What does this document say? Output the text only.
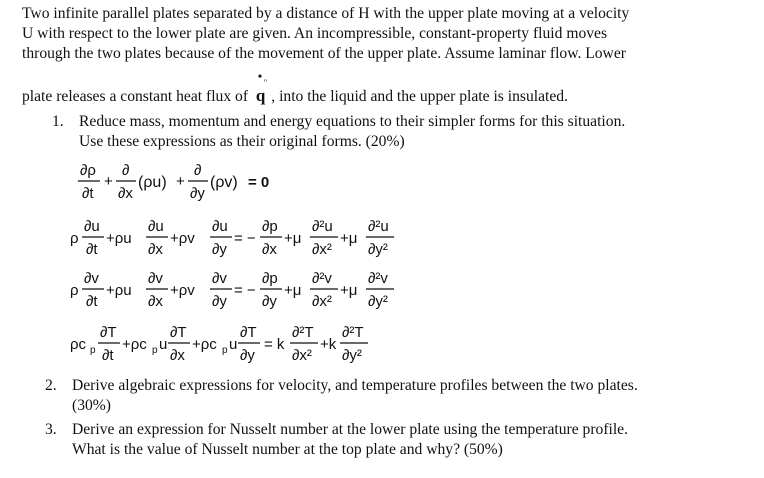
Two infinite parallel plates separated by a distance of H with the upper plate moving at a velocity
U with respect to the lower plate are given. An incompressible, constant-property fluid moves
through the two plates because of the movement of the upper plate. Assume laminar flow. Lower
plate releases a constant heat flux of
• "
q , into the liquid and the upper plate is insulated.
1. Reduce mass, momentum and energy equations to their simpler forms for this situation.
Use these expressions as their original forms. (20%)
∂ρ
∂t
+
∂
∂x
(ρu) +
∂
∂y
(ρv) = 0
ρ
∂u
∂t
+ρu
∂u
∂x
+ρv
∂u
∂y
= −
∂p
∂x
+μ
∂²u
∂x²
+μ
∂²u
∂y²
ρ
∂v
∂t
+ρu
∂v
∂x
+ρv
∂v
∂y
= −
∂p
∂y
+μ
∂²v
∂x²
+μ
∂²v
∂y²
ρc p
∂T
∂t
+ρc p u
∂T
∂x
+ρc p u
∂T
∂y
= k
∂²T
∂x²
+k
∂²T
∂y²
2. Derive algebraic expressions for velocity, and temperature profiles between the two plates.
(30%)
3. Derive an expression for Nusselt number at the lower plate using the temperature profile.
What is the value of Nusselt number at the top plate and why? (50%)
